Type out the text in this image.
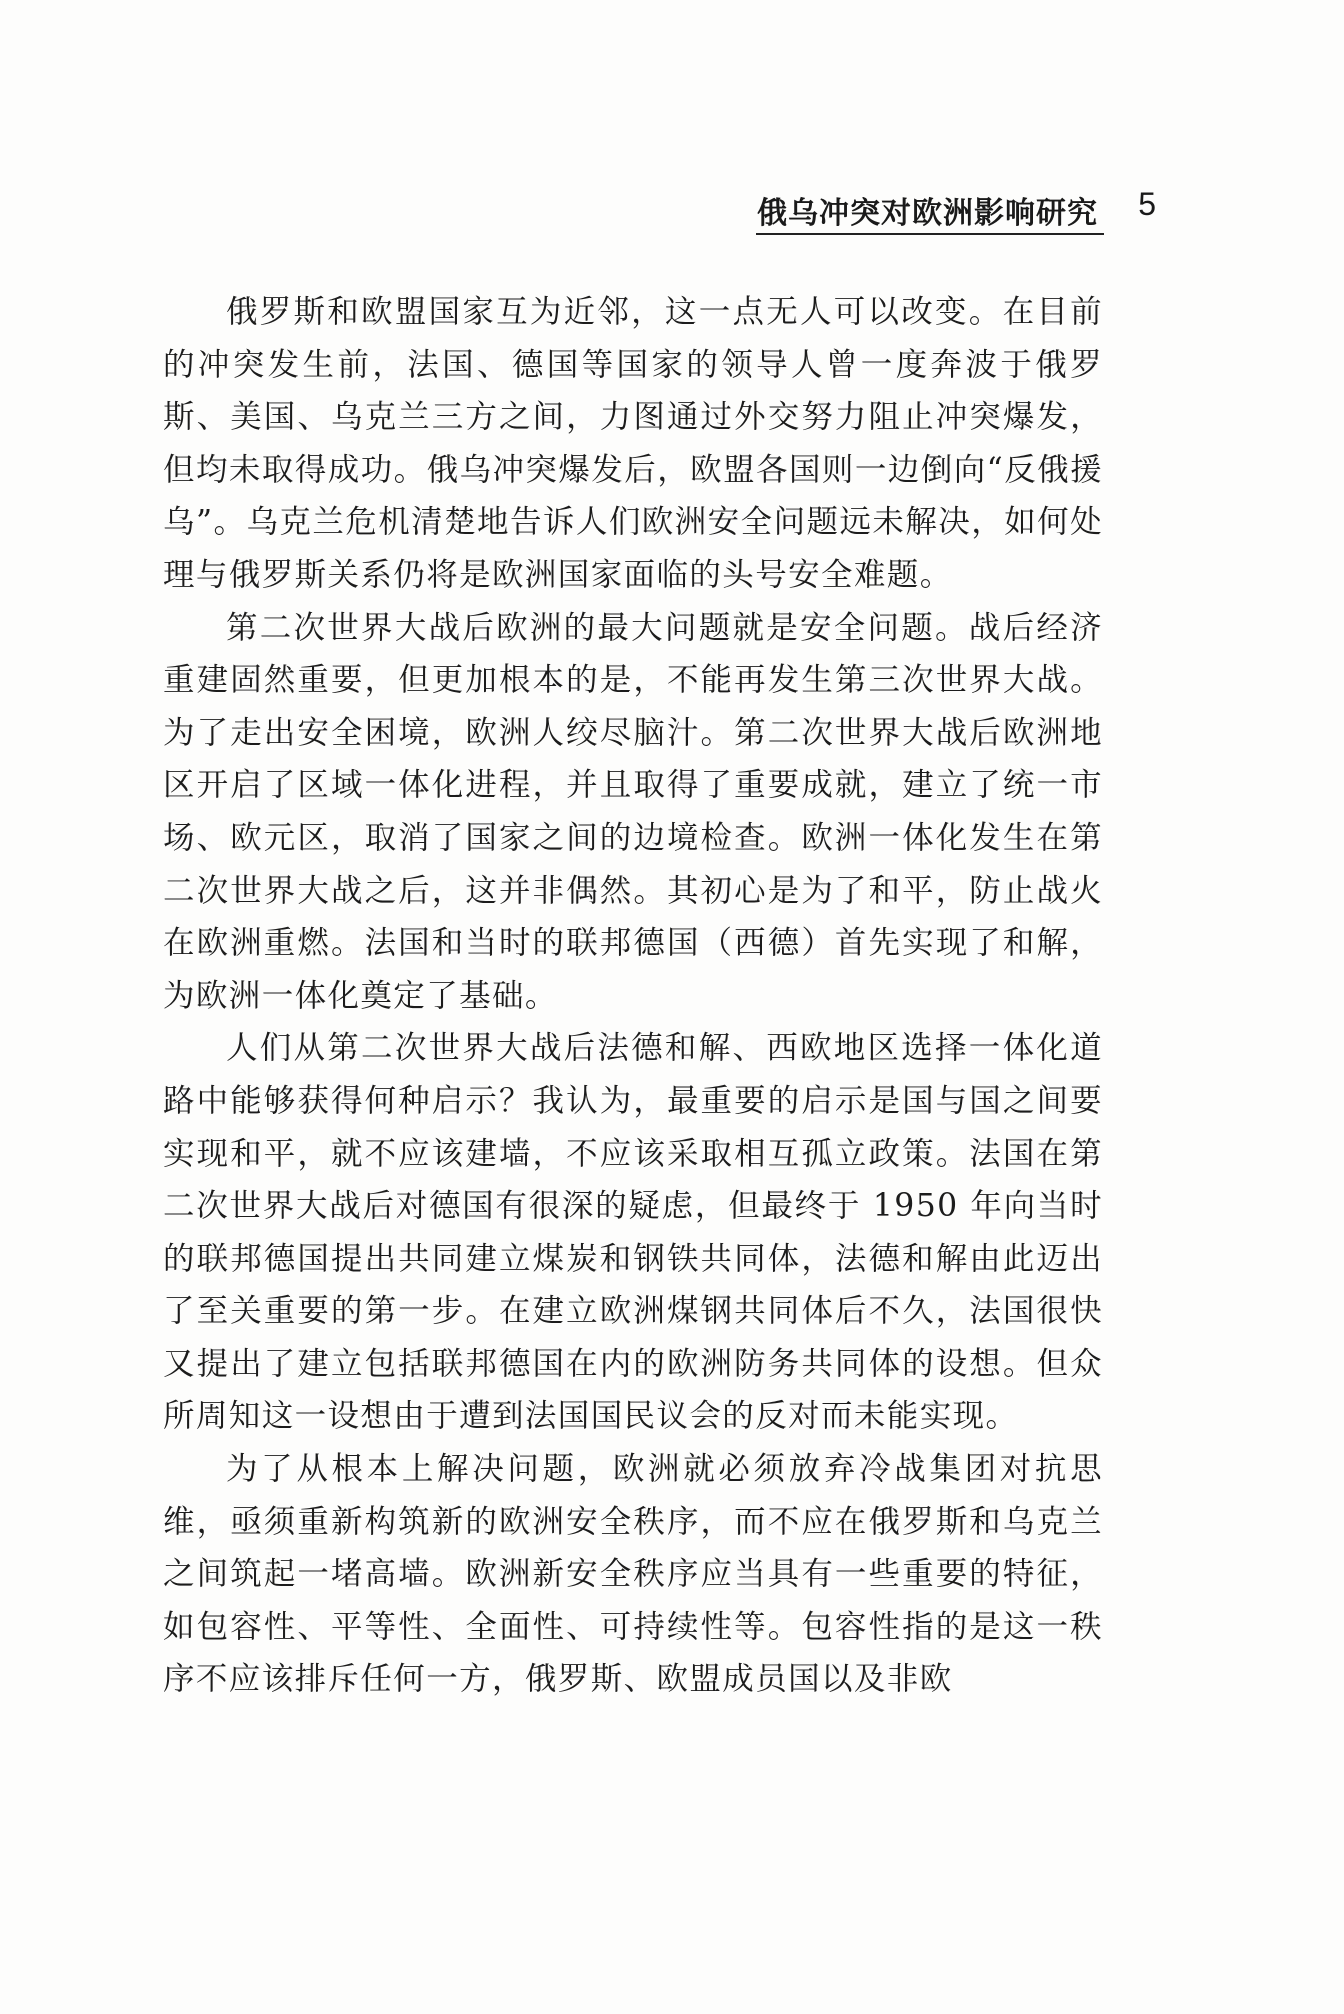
俄乌冲突对欧洲影响研究 5

俄罗斯和欧盟国家互为近邻，这一点无人可以改变。在目前的冲突发生前，法国、德国等国家的领导人曾一度奔波于俄罗斯、美国、乌克兰三方之间，力图通过外交努力阻止冲突爆发，但均未取得成功。俄乌冲突爆发后，欧盟各国则一边倒向“反俄援乌”。乌克兰危机清楚地告诉人们欧洲安全问题远未解决，如何处理与俄罗斯关系仍将是欧洲国家面临的头号安全难题。

第二次世界大战后欧洲的最大问题就是安全问题。战后经济重建固然重要，但更加根本的是，不能再发生第三次世界大战。为了走出安全困境，欧洲人绞尽脑汁。第二次世界大战后欧洲地区开启了区域一体化进程，并且取得了重要成就，建立了统一市场、欧元区，取消了国家之间的边境检查。欧洲一体化发生在第二次世界大战之后，这并非偶然。其初心是为了和平，防止战火在欧洲重燃。法国和当时的联邦德国（西德）首先实现了和解，为欧洲一体化奠定了基础。

人们从第二次世界大战后法德和解、西欧地区选择一体化道路中能够获得何种启示？我认为，最重要的启示是国与国之间要实现和平，就不应该建墙，不应该采取相互孤立政策。法国在第二次世界大战后对德国有很深的疑虑，但最终于 1950 年向当时的联邦德国提出共同建立煤炭和钢铁共同体，法德和解由此迈出了至关重要的第一步。在建立欧洲煤钢共同体后不久，法国很快又提出了建立包括联邦德国在内的欧洲防务共同体的设想。但众所周知这一设想由于遭到法国国民议会的反对而未能实现。

为了从根本上解决问题，欧洲就必须放弃冷战集团对抗思维，亟须重新构筑新的欧洲安全秩序，而不应在俄罗斯和乌克兰之间筑起一堵高墙。欧洲新安全秩序应当具有一些重要的特征，如包容性、平等性、全面性、可持续性等。包容性指的是这一秩序不应该排斥任何一方，俄罗斯、欧盟成员国以及非欧
